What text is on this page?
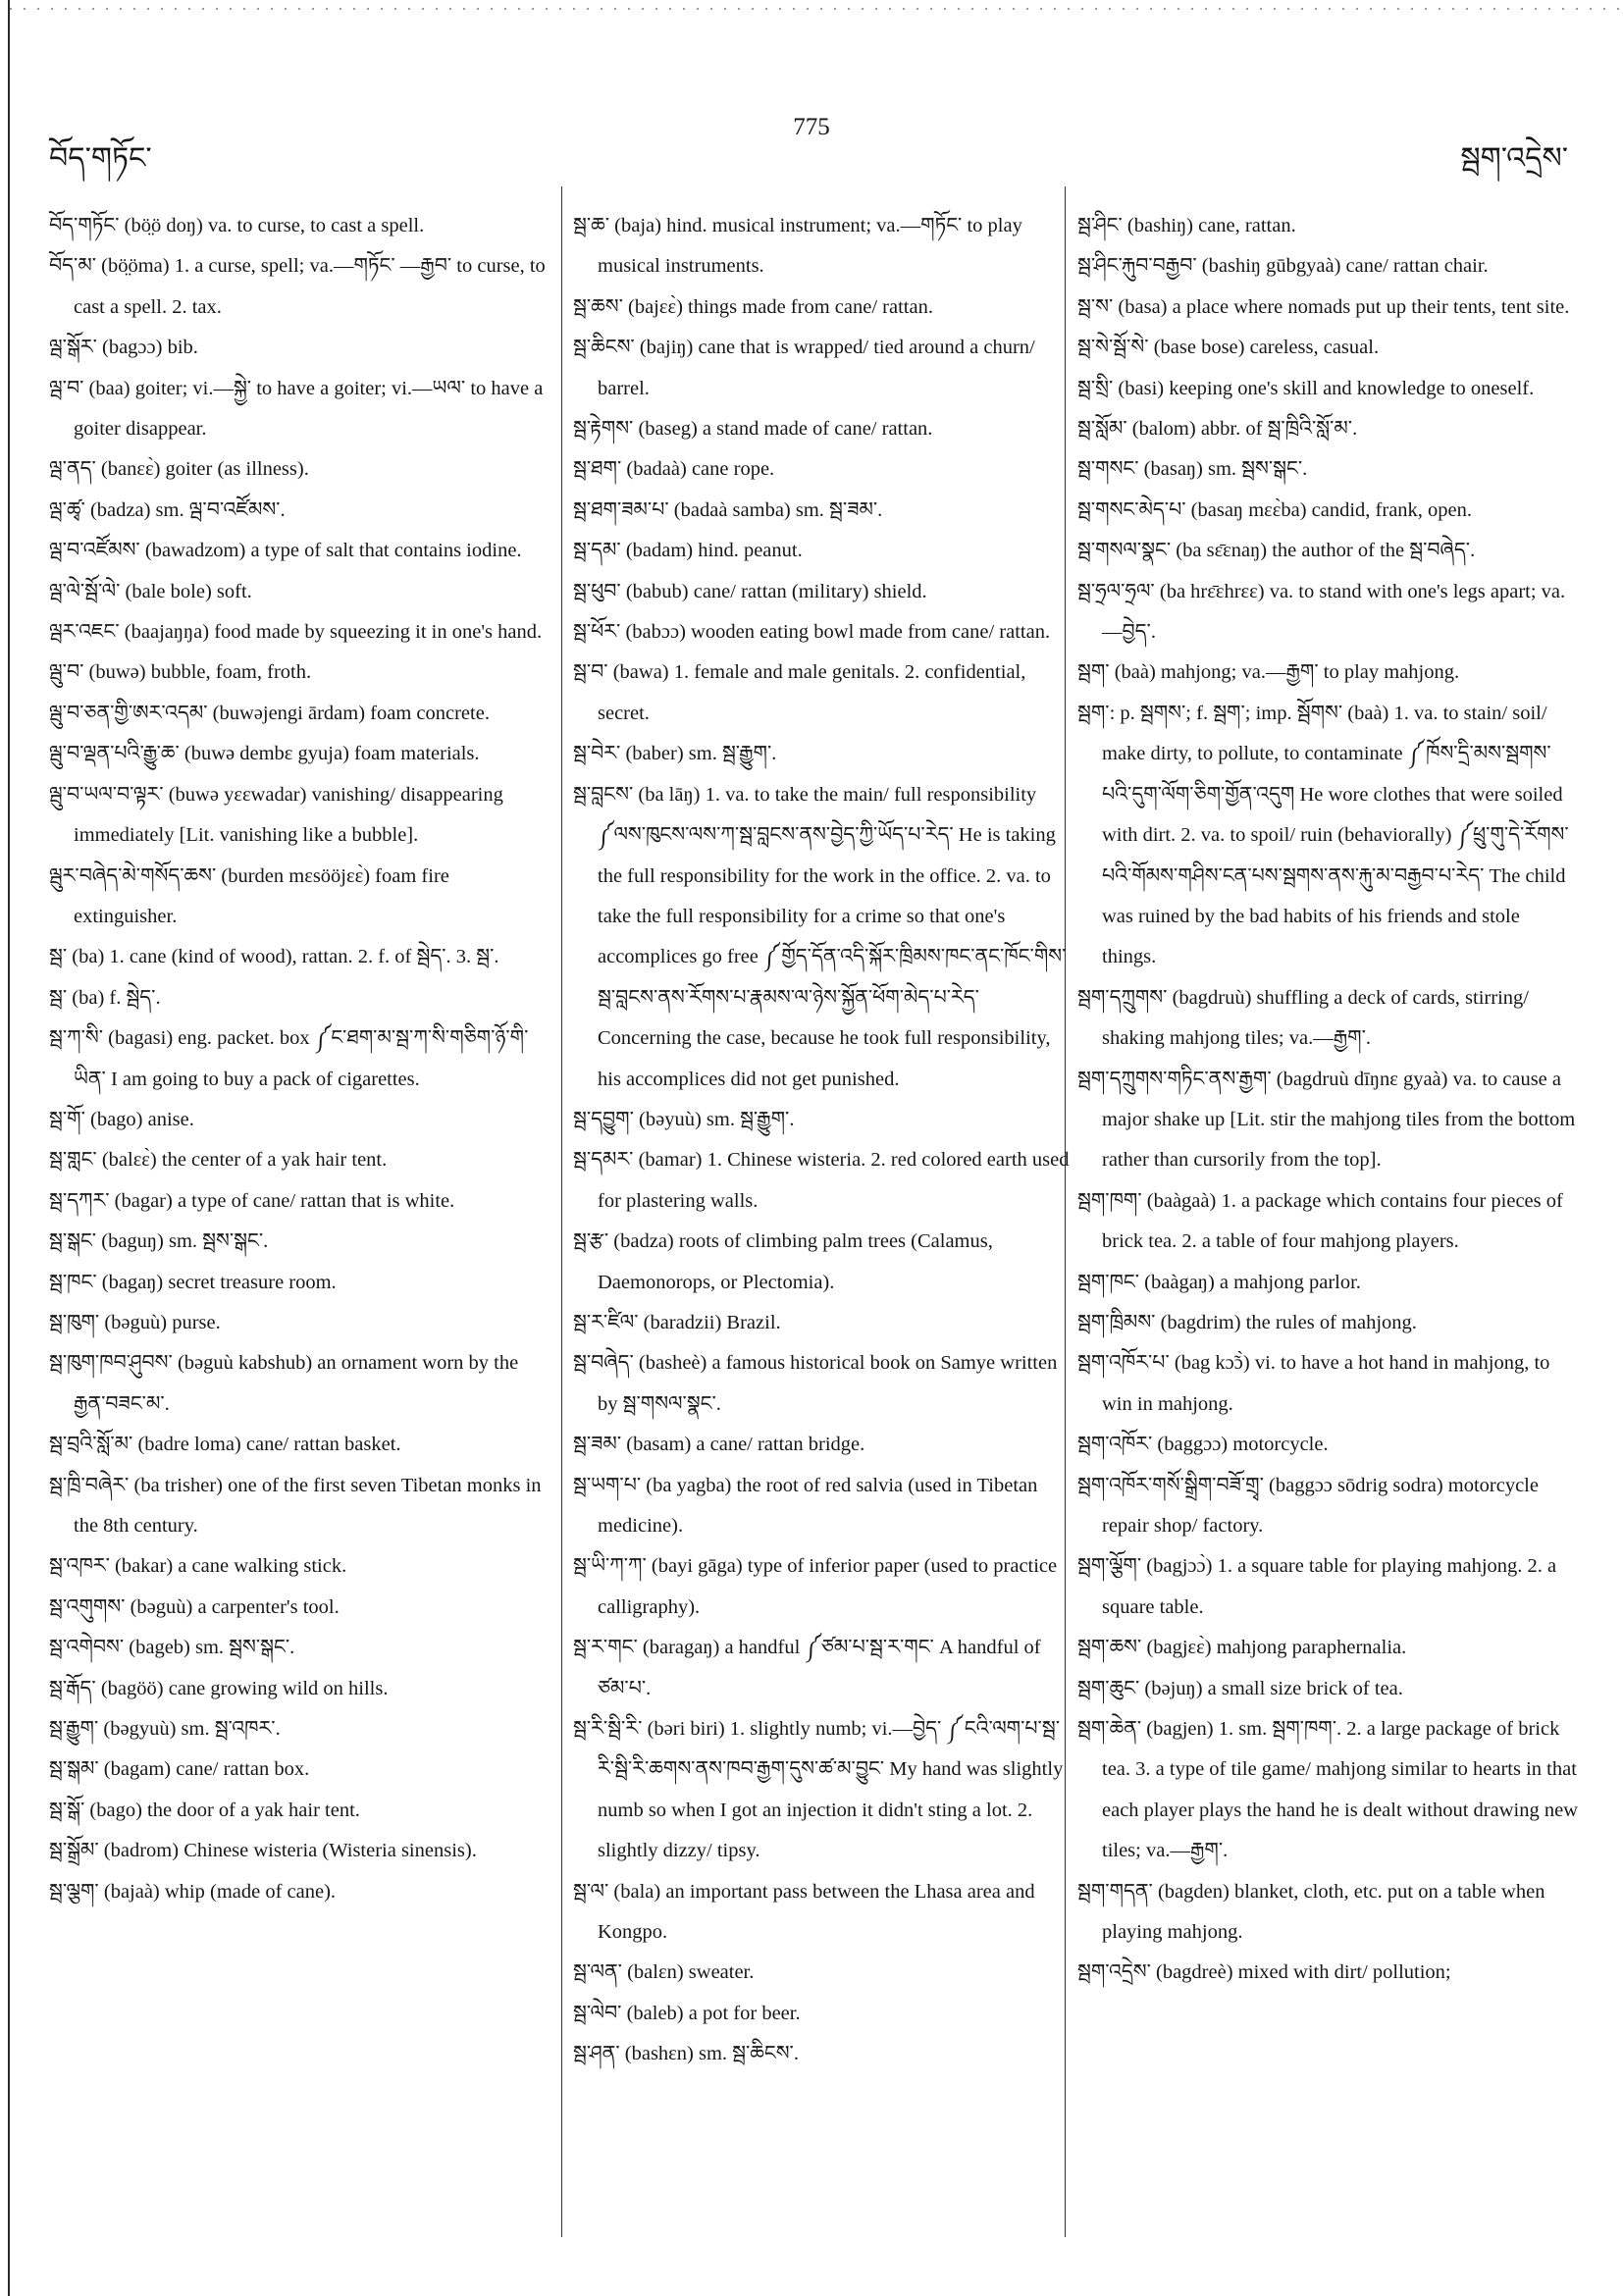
བོད་གཏོང་
775
སྦག་འདྲེས་
བོད་གཏོང་ (bö̤ö doŋ) va. to curse, to cast a spell.
བོད་མ་ (bö̤öma) 1. a curse, spell; va.—གཏོང་ —རྒྱབ་ to curse, to cast a spell. 2. tax.
ལྦ་སྒོར་ (bagɔɔ) bib.
ལྦ་བ་ (baa) goiter; vi.—སྐྱེ་ to have a goiter; vi.—ཡལ་ to have a goiter disappear.
ལྦ་ནད་ (banɛɛ̀) goiter (as illness).
ལྦ་ཚྭ་ (badza) sm. ལྦ་བ་འཛོམས་.
ལྦ་བ་འཛོམས་ (bawadzom) a type of salt that contains iodine.
ལྦ་ལེ་སྦོ་ལེ་ (bale bole) soft.
ལྦར་འཇང་ (baajaŋŋa) food made by squeezing it in one's hand.
ལྦུ་བ་ (buwə) bubble, foam, froth.
ལྦུ་བ་ཅན་གྱི་ཨར་འདམ་ (buwəjengi ārdam) foam concrete.
ལྦུ་བ་ལྡན་པའི་རྒྱུ་ཆ་ (buwə dembɛ gyuja) foam materials.
ལྦུ་བ་ཡལ་བ་ལྟར་ (buwə yɛɛwadar) vanishing/ disappearing immediately [Lit. vanishing like a bubble].
ལྦུར་བཞེད་མེ་གསོད་ཆས་ (burden mɛsööjɛɛ̀) foam fire extinguisher.
སྦ་ (ba) 1. cane (kind of wood), rattan. 2. f. of སྦེད་. 3. སྦ་.
སྦ་ (ba) f. སྦེད་.
སྦ་ཀ་སི་ (bagasi) eng. packet. box ༼ང་ཐག་མ་སྦ་ཀ་སི་གཅིག་ཉོ་གི་ཡིན་ I am going to buy a pack of cigarettes.
སྦ་གོ་ (bago) anise.
སྦ་གླང་ (balɛɛ̀) the center of a yak hair tent.
སྦ་དཀར་ (bagar) a type of cane/ rattan that is white.
སྦ་སྒང་ (baguŋ) sm. སྦས་སྒང་.
སྦ་ཁང་ (bagaŋ) secret treasure room.
སྦ་ཁུག་ (bəguù) purse.
སྦ་ཁུག་ཁབ་ཤུབས་ (bəguù kabshub) an ornament worn by the རྒྱན་བཟང་མ་.
སྦ་བྲའི་སློ་མ་ (badre loma) cane/ rattan basket.
སྦ་ཁྲི་བཞེར་ (ba trisher) one of the first seven Tibetan monks in the 8th century.
སྦ་འཁར་ (bakar) a cane walking stick.
སྦ་འགུགས་ (bəguù) a carpenter's tool.
སྦ་འགེབས་ (bageb) sm. སྦས་སྒང་.
སྦ་རྒོད་ (bagöö) cane growing wild on hills.
སྦ་རྒྱུག་ (bəgyuù) sm. སྦ་འཁར་.
སྦ་སྒམ་ (bagam) cane/ rattan box.
སྦ་སྒོ་ (bago) the door of a yak hair tent.
སྦ་སྒྲོམ་ (badrom) Chinese wisteria (Wisteria sinensis).
སྦ་ལྕག་ (bajaà) whip (made of cane).
སྦ་ཆ་ (baja) hind. musical instrument; va.—གཏོང་ to play musical instruments.
སྦ་ཆས་ (bajɛɛ̀) things made from cane/ rattan.
སྦ་ཆིངས་ (bajiŋ) cane that is wrapped/ tied around a churn/ barrel.
སྦ་རྟེགས་ (baseg) a stand made of cane/ rattan.
སྦ་ཐག་ (badaà) cane rope.
སྦ་ཐག་ཟམ་པ་ (badaà samba) sm. སྦ་ཟམ་.
སྦ་དམ་ (badam) hind. peanut.
སྦ་ཕུབ་ (babub) cane/ rattan (military) shield.
སྦ་ཕོར་ (babɔɔ) wooden eating bowl made from cane/ rattan.
སྦ་བ་ (bawa) 1. female and male genitals. 2. confidential, secret.
སྦ་བེར་ (baber) sm. སྦ་རྒྱུག་.
སྦ་བླངས་ (ba lāŋ) 1. va. to take the main/ full responsibility ༼ལས་ཁུངས་ལས་ཀ་སྦ་བླངས་ནས་བྱེད་ཀྱི་ཡོད་པ་རེད་ He is taking the full responsibility for the work in the office. 2. va. to take the full responsibility for a crime so that one's accomplices go free ༼གྱོད་དོན་འདི་སྐོར་ཁྲིམས་ཁང་ནང་ཁོང་གིས་སྦ་བླངས་ནས་རོགས་པ་རྣམས་ལ་ཉེས་སྐྱོན་ཕོག་མེད་པ་རེད་ Concerning the case, because he took full responsibility, his accomplices did not get punished.
སྦ་དབྱུག་ (bəyuù) sm. སྦ་རྒྱུག་.
སྦ་དམར་ (bamar) 1. Chinese wisteria. 2. red colored earth used for plastering walls.
སྦ་རྩ་ (badza) roots of climbing palm trees (Calamus, Daemonorops, or Plectomia).
སྦ་ར་ཛིལ་ (baradzii) Brazil.
སྦ་བཞེད་ (basheè) a famous historical book on Samye written by སྦ་གསལ་སྣང་.
སྦ་ཟམ་ (basam) a cane/ rattan bridge.
སྦ་ཡག་པ་ (ba yagba) the root of red salvia (used in Tibetan medicine).
སྦ་ཡི་ཀ་ཀ་ (bayi gāga) type of inferior paper (used to practice calligraphy).
སྦ་ར་གང་ (baragaŋ) a handful ༼ཙམ་པ་སྦ་ར་གང་ A handful of ཙམ་པ་.
སྦ་རི་སྦི་རི་ (bəri biri) 1. slightly numb; vi.—བྱེད་ ༼ངའི་ལག་པ་སྦ་རི་སྦི་རི་ཆགས་ནས་ཁབ་རྒྱག་དུས་ཚ་མ་བྱུང་ My hand was slightly numb so when I got an injection it didn't sting a lot. 2. slightly dizzy/ tipsy.
སྦ་ལ་ (bala) an important pass between the Lhasa area and Kongpo.
སྦ་ལན་ (balɛn) sweater.
སྦ་ལེབ་ (baleb) a pot for beer.
སྦ་ཤན་ (bashɛn) sm. སྦ་ཆིངས་.
སྦ་ཤིང་ (bashiŋ) cane, rattan.
སྦ་ཤིང་རྐུབ་བརྒྱབ་ (bashiŋ gūbgyaà) cane/ rattan chair.
སྦ་ས་ (basa) a place where nomads put up their tents, tent site.
སྦ་སེ་སྦོ་སེ་ (base bose) careless, casual.
སྦ་སྲི་ (basi) keeping one's skill and knowledge to oneself.
སྦ་སློམ་ (balom) abbr. of སྦ་ཁྲིའི་སློ་མ་.
སྦ་གསང་ (basaŋ) sm. སྦས་སྒང་.
སྦ་གསང་མེད་པ་ (basaŋ mɛɛ̀ba) candid, frank, open.
སྦ་གསལ་སྣང་ (ba sɛ̄ɛnaŋ) the author of the སྦ་བཞེད་.
སྦ་ཧྲལ་ཧྲལ་ (ba hrɛ̄ɛhrɛɛ) va. to stand with one's legs apart; va.—བྱེད་.
སྦག་ (baà) mahjong; va.—རྒྱག་ to play mahjong.
སྦག་: p. སྦགས་; f. སྦག་; imp. སྦོགས་ (baà) 1. va. to stain/ soil/ make dirty, to pollute, to contaminate ༼ཁོས་དྲི་མས་སྦགས་པའི་དུག་ལོག་ཅིག་གྱོན་འདུག He wore clothes that were soiled with dirt. 2. va. to spoil/ ruin (behaviorally) ༼ཕྲུ་གུ་དེ་རོགས་པའི་གོམས་གཤིས་ངན་པས་སྦགས་ནས་རྐུ་མ་བརྒྱབ་པ་རེད་ The child was ruined by the bad habits of his friends and stole things.
སྦག་དཀྲུགས་ (bagdruù) shuffling a deck of cards, stirring/ shaking mahjong tiles; va.—རྒྱག་.
སྦག་དཀྲུགས་གཏིང་ནས་རྒྱག་ (bagdruù dīŋnɛ gyaà) va. to cause a major shake up [Lit. stir the mahjong tiles from the bottom rather than cursorily from the top].
སྦག་ཁག་ (baàgaà) 1. a package which contains four pieces of brick tea. 2. a table of four mahjong players.
སྦག་ཁང་ (baàgaŋ) a mahjong parlor.
སྦག་ཁྲིམས་ (bagdrim) the rules of mahjong.
སྦག་འཁོར་པ་ (bag kɔ̃ɔ̀) vi. to have a hot hand in mahjong, to win in mahjong.
སྦག་འཁོར་ (baggɔɔ) motorcycle.
སྦག་འཁོར་གསོ་སྒྲིག་བཟོ་གྲྭ་ (baggɔɔ sōdrig sodra) motorcycle repair shop/ factory.
སྦག་ལྕོག་ (bagjɔɔ̀) 1. a square table for playing mahjong. 2. a square table.
སྦག་ཆས་ (bagjɛɛ̀) mahjong paraphernalia.
སྦག་ཆུང་ (bəjuŋ) a small size brick of tea.
སྦག་ཆེན་ (bagjen) 1. sm. སྦག་ཁག་. 2. a large package of brick tea. 3. a type of tile game/ mahjong similar to hearts in that each player plays the hand he is dealt without drawing new tiles; va.—རྒྱག་.
སྦག་གདན་ (bagden) blanket, cloth, etc. put on a table when playing mahjong.
སྦག་འདྲེས་ (bagdreè) mixed with dirt/ pollution;
